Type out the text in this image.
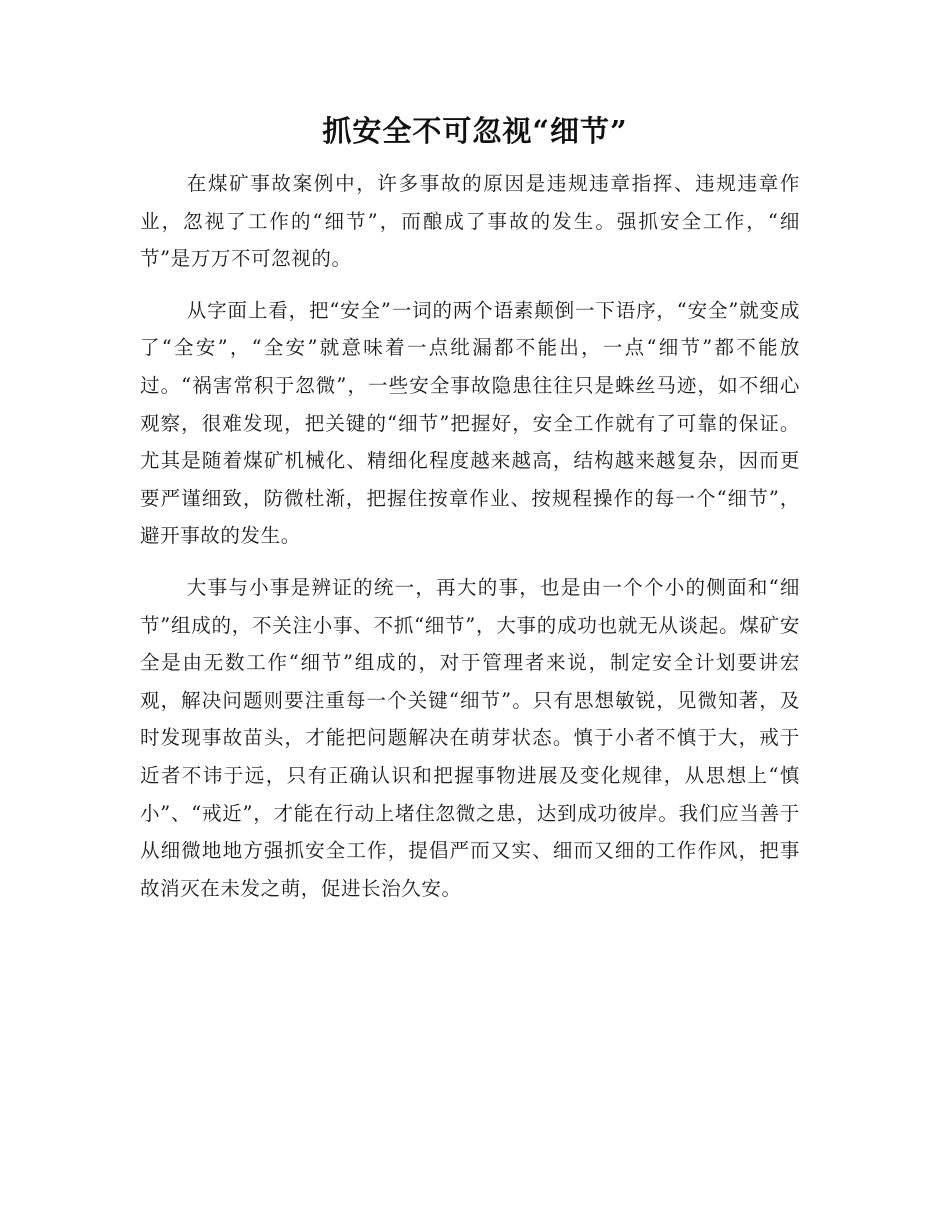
抓安全不可忽视“细节”

在煤矿事故案例中，许多事故的原因是违规违章指挥、违规违章作业，忽视了工作的“细节”，而酿成了事故的发生。强抓安全工作，“细节”是万万不可忽视的。

从字面上看，把“安全”一词的两个语素颠倒一下语序，“安全”就变成了“全安”，“全安”就意味着一点纰漏都不能出，一点“细节”都不能放过。“祸害常积于忽微”，一些安全事故隐患往往只是蛛丝马迹，如不细心观察，很难发现，把关键的“细节”把握好，安全工作就有了可靠的保证。尤其是随着煤矿机械化、精细化程度越来越高，结构越来越复杂，因而更要严谨细致，防微杜渐，把握住按章作业、按规程操作的每一个“细节”，避开事故的发生。

大事与小事是辨证的统一，再大的事，也是由一个个小的侧面和“细节”组成的，不关注小事、不抓“细节”，大事的成功也就无从谈起。煤矿安全是由无数工作“细节”组成的，对于管理者来说，制定安全计划要讲宏观，解决问题则要注重每一个关键“细节”。只有思想敏锐，见微知著，及时发现事故苗头，才能把问题解决在萌芽状态。慎于小者不慎于大，戒于近者不讳于远，只有正确认识和把握事物进展及变化规律，从思想上“慎小”、“戒近”，才能在行动上堵住忽微之患，达到成功彼岸。我们应当善于从细微地地方强抓安全工作，提倡严而又实、细而又细的工作作风，把事故消灭在未发之萌，促进长治久安。
